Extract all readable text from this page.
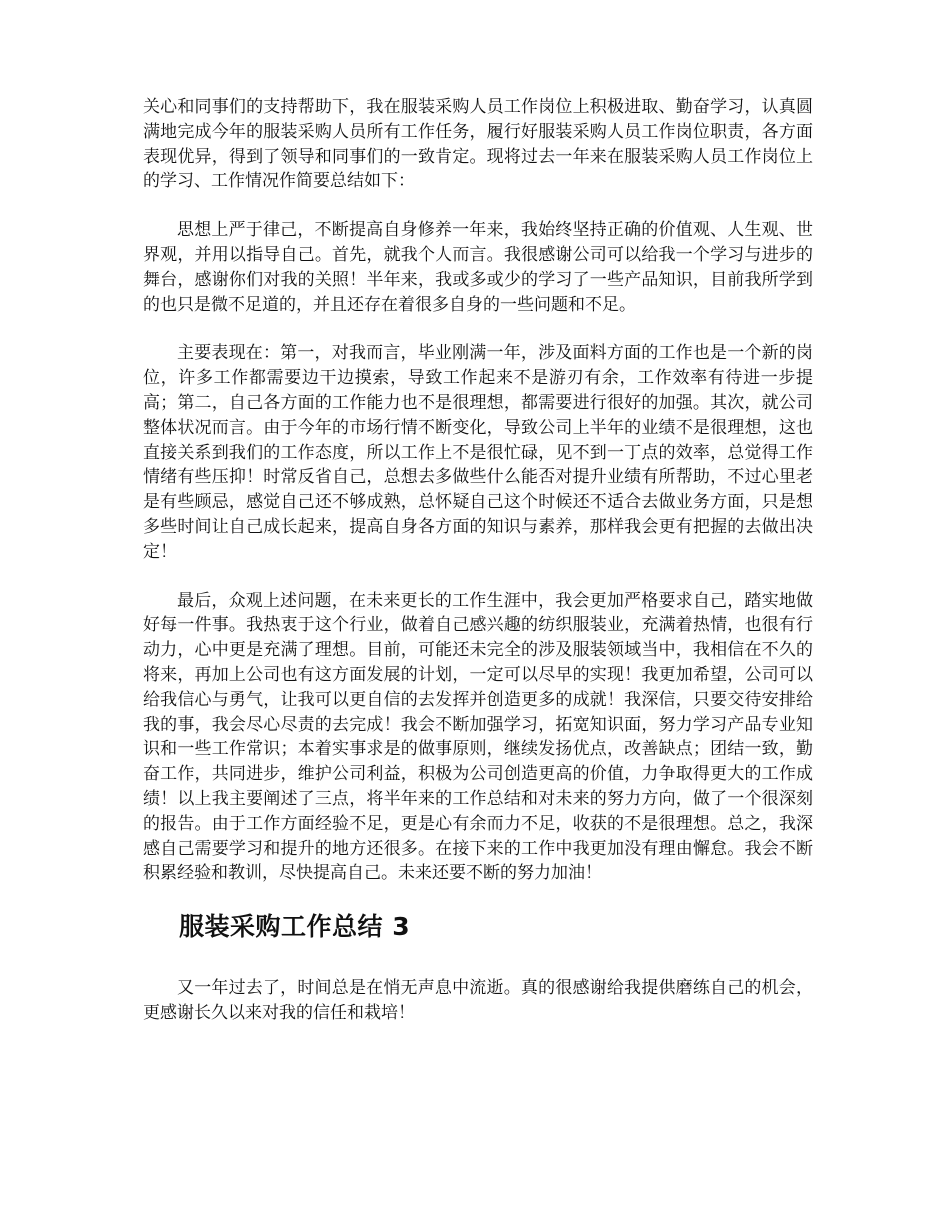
关心和同事们的支持帮助下，我在服装采购人员工作岗位上积极进取、勤奋学习，认真圆满地完成今年的服装采购人员所有工作任务，履行好服装采购人员工作岗位职责，各方面表现优异，得到了领导和同事们的一致肯定。现将过去一年来在服装采购人员工作岗位上的学习、工作情况作简要总结如下：

思想上严于律己，不断提高自身修养一年来，我始终坚持正确的价值观、人生观、世界观，并用以指导自己。首先，就我个人而言。我很感谢公司可以给我一个学习与进步的舞台，感谢你们对我的关照！半年来，我或多或少的学习了一些产品知识，目前我所学到的也只是微不足道的，并且还存在着很多自身的一些问题和不足。

主要表现在：第一，对我而言，毕业刚满一年，涉及面料方面的工作也是一个新的岗位，许多工作都需要边干边摸索，导致工作起来不是游刃有余，工作效率有待进一步提高；第二，自己各方面的工作能力也不是很理想，都需要进行很好的加强。其次，就公司整体状况而言。由于今年的市场行情不断变化，导致公司上半年的业绩不是很理想，这也直接关系到我们的工作态度，所以工作上不是很忙碌，见不到一丁点的效率，总觉得工作情绪有些压抑！时常反省自己，总想去多做些什么能否对提升业绩有所帮助，不过心里老是有些顾忌，感觉自己还不够成熟，总怀疑自己这个时候还不适合去做业务方面，只是想多些时间让自己成长起来，提高自身各方面的知识与素养，那样我会更有把握的去做出决定！

最后，众观上述问题，在未来更长的工作生涯中，我会更加严格要求自己，踏实地做好每一件事。我热衷于这个行业，做着自己感兴趣的纺织服装业，充满着热情，也很有行动力，心中更是充满了理想。目前，可能还未完全的涉及服装领域当中，我相信在不久的将来，再加上公司也有这方面发展的计划，一定可以尽早的实现！我更加希望，公司可以给我信心与勇气，让我可以更自信的去发挥并创造更多的成就！我深信，只要交待安排给我的事，我会尽心尽责的去完成！我会不断加强学习，拓宽知识面，努力学习产品专业知识和一些工作常识；本着实事求是的做事原则，继续发扬优点，改善缺点；团结一致，勤奋工作，共同进步，维护公司利益，积极为公司创造更高的价值，力争取得更大的工作成绩！以上我主要阐述了三点，将半年来的工作总结和对未来的努力方向，做了一个很深刻的报告。由于工作方面经验不足，更是心有余而力不足，收获的不是很理想。总之，我深感自己需要学习和提升的地方还很多。在接下来的工作中我更加没有理由懈怠。我会不断积累经验和教训，尽快提高自己。未来还要不断的努力加油！

服装采购工作总结 3

又一年过去了，时间总是在悄无声息中流逝。真的很感谢给我提供磨练自己的机会，更感谢长久以来对我的信任和栽培！
